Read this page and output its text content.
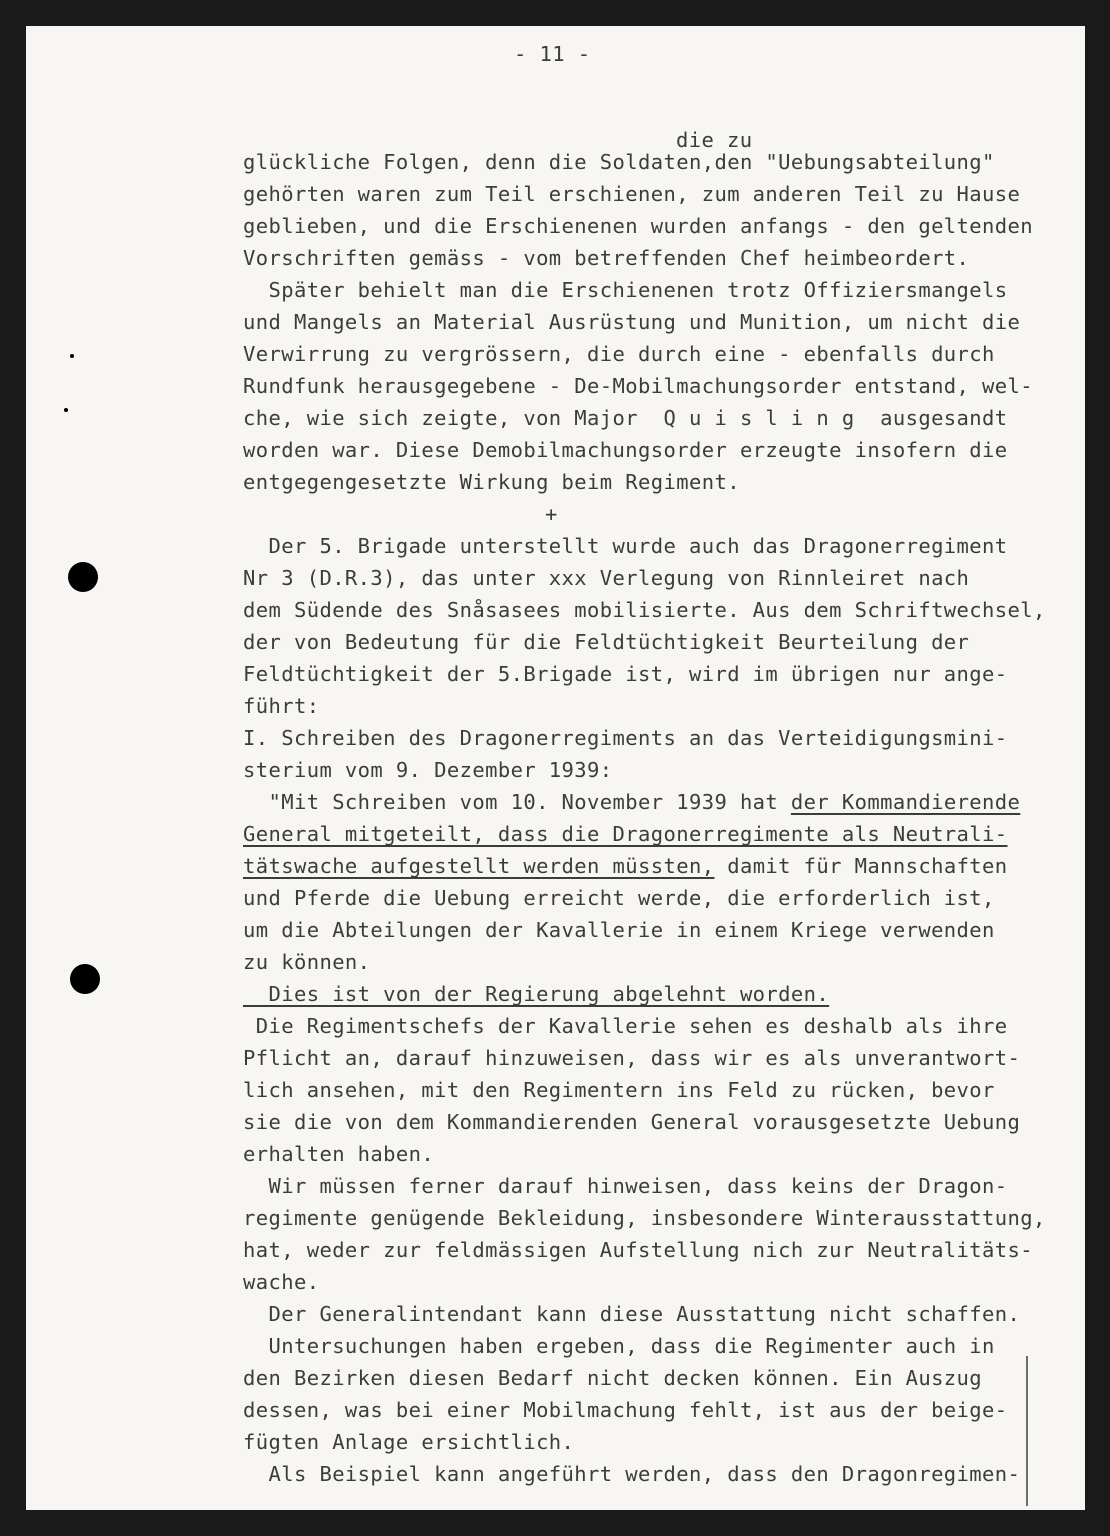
- 11 -
die zu
glückliche Folgen, denn die Soldaten,den "Uebungsabteilung"
gehörten waren zum Teil erschienen, zum anderen Teil zu Hause
geblieben, und die Erschienenen wurden anfangs - den geltenden
Vorschriften gemäss - vom betreffenden Chef heimbeordert.
Später behielt man die Erschienenen trotz Offiziersmangels
und Mangels an Material Ausrüstung und Munition, um nicht die
Verwirrung zu vergrössern, die durch eine - ebenfalls durch
Rundfunk herausgegebene - De-Mobilmachungsorder entstand, wel-
che, wie sich zeigte, von Major  Q u i s l i n g  ausgesandt
worden war. Diese Demobilmachungsorder erzeugte insofern die
entgegengesetzte Wirkung beim Regiment.
+
Der 5. Brigade unterstellt wurde auch das Dragonerregiment
Nr 3 (D.R.3), das unter xxx Verlegung von Rinnleiret nach
dem Südende des Snåsasees mobilisierte. Aus dem Schriftwechsel,
der von Bedeutung für die Feldtüchtigkeit Beurteilung der
Feldtüchtigkeit der 5.Brigade ist, wird im übrigen nur ange-
führt:
I. Schreiben des Dragonerregiments an das Verteidigungsmini-
sterium vom 9. Dezember 1939:
"Mit Schreiben vom 10. November 1939 hat der Kommandierende
General mitgeteilt, dass die Dragonerregimente als Neutrali-
tätswache aufgestellt werden müssten, damit für Mannschaften
und Pferde die Uebung erreicht werde, die erforderlich ist,
um die Abteilungen der Kavallerie in einem Kriege verwenden
zu können.
Dies ist von der Regierung abgelehnt worden.
Die Regimentschefs der Kavallerie sehen es deshalb als ihre
Pflicht an, darauf hinzuweisen, dass wir es als unverantwort-
lich ansehen, mit den Regimentern ins Feld zu rücken, bevor
sie die von dem Kommandierenden General vorausgesetzte Uebung
erhalten haben.
Wir müssen ferner darauf hinweisen, dass keins der Dragon-
regimente genügende Bekleidung, insbesondere Winterausstattung,
hat, weder zur feldmässigen Aufstellung nich zur Neutralitäts-
wache.
Der Generalintendant kann diese Ausstattung nicht schaffen.
Untersuchungen haben ergeben, dass die Regimenter auch in
den Bezirken diesen Bedarf nicht decken können. Ein Auszug
dessen, was bei einer Mobilmachung fehlt, ist aus der beige-
fügten Anlage ersichtlich.
Als Beispiel kann angeführt werden, dass den Dragonregimen-
